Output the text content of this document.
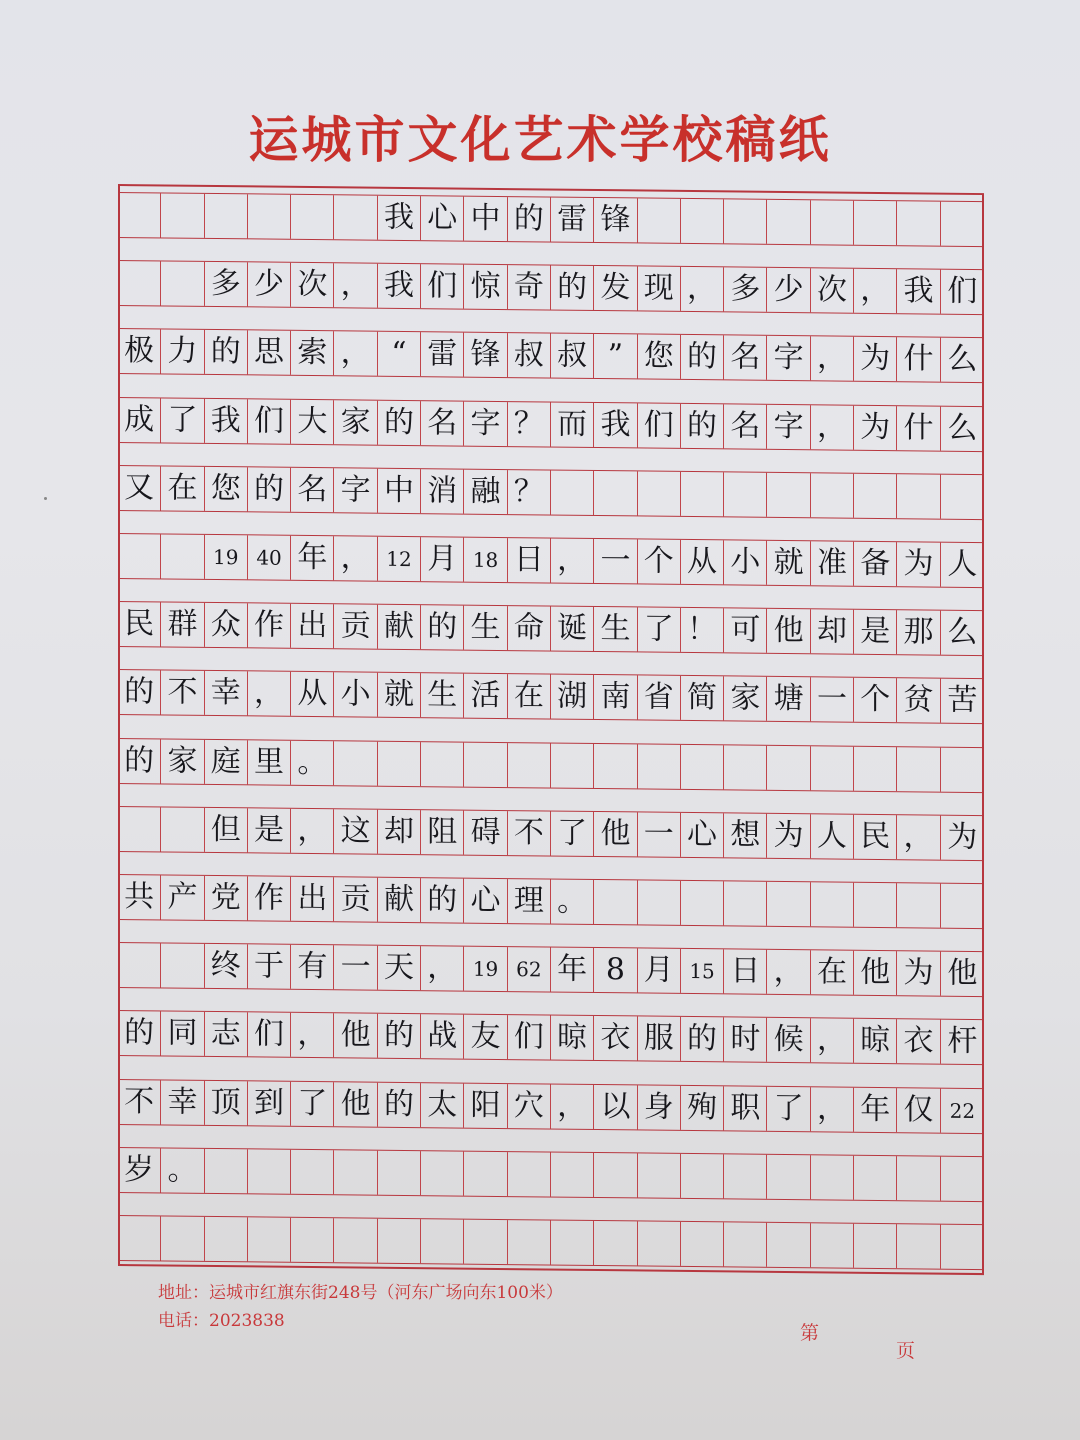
运城市文化艺术学校稿纸
我 心 中 的 雷 锋
多 少 次 ， 我 们 惊 奇 的 发 现 ， 多 少 次 ， 我 们
极 力 的 思 索 ， “ 雷 锋 叔 叔 ” 您 的 名 字 ， 为 什 么
成 了 我 们 大 家 的 名 字 ？ 而 我 们 的 名 字 ， 为 什 么
又 在 您 的 名 字 中 消 融 ？
19 40 年 ， 12 月 18 日 ， 一 个 从 小 就 准 备 为 人
民 群 众 作 出 贡 献 的 生 命 诞 生 了 ！ 可 他 却 是 那 么
的 不 幸 ， 从 小 就 生 活 在 湖 南 省 简 家 塘 一 个 贫 苦
的 家 庭 里 。
但 是 ， 这 却 阻 碍 不 了 他 一 心 想 为 人 民 ， 为
共 产 党 作 出 贡 献 的 心 理 。
终 于 有 一 天 ， 19 62 年 8 月 15 日 ， 在 他 为 他
的 同 志 们 ， 他 的 战 友 们 晾 衣 服 的 时 候 ， 晾 衣 杆
不 幸 顶 到 了 他 的 太 阳 穴 ， 以 身 殉 职 了 ， 年 仅 22
岁 。
地址：运城市红旗东街248号（河东广场向东100米）
电话：2023838
第
页
